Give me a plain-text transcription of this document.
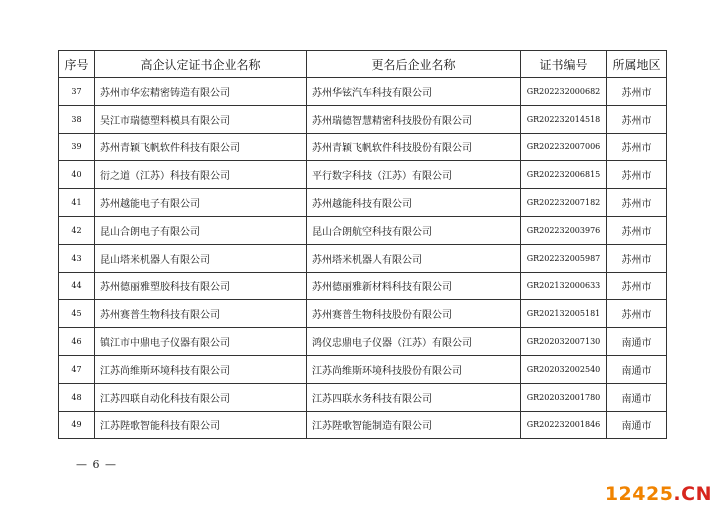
序号	高企认定证书企业名称	更名后企业名称	证书编号	所属地区
37	苏州市华宏精密铸造有限公司	苏州华铉汽车科技有限公司	GR202232000682	苏州市
38	吴江市瑞德塑料模具有限公司	苏州瑞德智慧精密科技股份有限公司	GR202232014518	苏州市
39	苏州青颖飞帆软件科技有限公司	苏州青颖飞帆软件科技股份有限公司	GR202232007006	苏州市
40	衍之道（江苏）科技有限公司	平行数字科技（江苏）有限公司	GR202232006815	苏州市
41	苏州越能电子有限公司	苏州越能科技有限公司	GR202232007182	苏州市
42	昆山合朗电子有限公司	昆山合朗航空科技有限公司	GR202232003976	苏州市
43	昆山塔米机器人有限公司	苏州塔米机器人有限公司	GR202232005987	苏州市
44	苏州德丽雅塑胶科技有限公司	苏州德丽雅新材料科技有限公司	GR202132000633	苏州市
45	苏州赛普生物科技有限公司	苏州赛普生物科技股份有限公司	GR202132005181	苏州市
46	镇江市中鼎电子仪器有限公司	鸿仪忠鼎电子仪器（江苏）有限公司	GR202032007130	南通市
47	江苏尚维斯环境科技有限公司	江苏尚维斯环境科技股份有限公司	GR202032002540	南通市
48	江苏四联自动化科技有限公司	江苏四联水务科技有限公司	GR202032001780	南通市
49	江苏陛歌智能科技有限公司	江苏陛歌智能制造有限公司	GR202232001846	南通市
— 6 —
12425.CN
